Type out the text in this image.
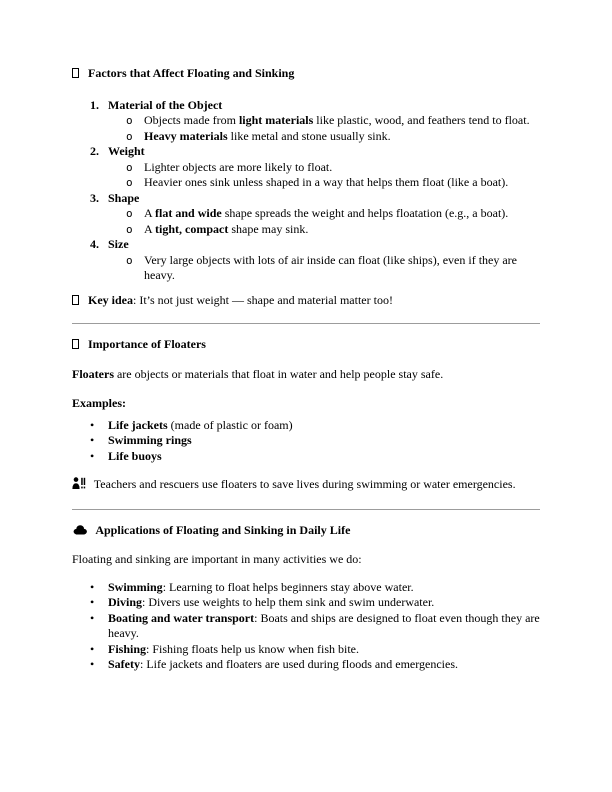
Factors that Affect Floating and Sinking

1. Material of the Object
o Objects made from light materials like plastic, wood, and feathers tend to float.
o Heavy materials like metal and stone usually sink.
2. Weight
o Lighter objects are more likely to float.
o Heavier ones sink unless shaped in a way that helps them float (like a boat).
3. Shape
o A flat and wide shape spreads the weight and helps floatation (e.g., a boat).
o A tight, compact shape may sink.
4. Size
o Very large objects with lots of air inside can float (like ships), even if they are heavy.

Key idea: It’s not just weight — shape and material matter too!

Importance of Floaters

Floaters are objects or materials that float in water and help people stay safe.

Examples:

•	Life jackets (made of plastic or foam)
•	Swimming rings
•	Life buoys

Teachers and rescuers use floaters to save lives during swimming or water emergencies.

Applications of Floating and Sinking in Daily Life

Floating and sinking are important in many activities we do:

•	Swimming: Learning to float helps beginners stay above water.
•	Diving: Divers use weights to help them sink and swim underwater.
•	Boating and water transport: Boats and ships are designed to float even though they are heavy.
•	Fishing: Fishing floats help us know when fish bite.
•	Safety: Life jackets and floaters are used during floods and emergencies.
